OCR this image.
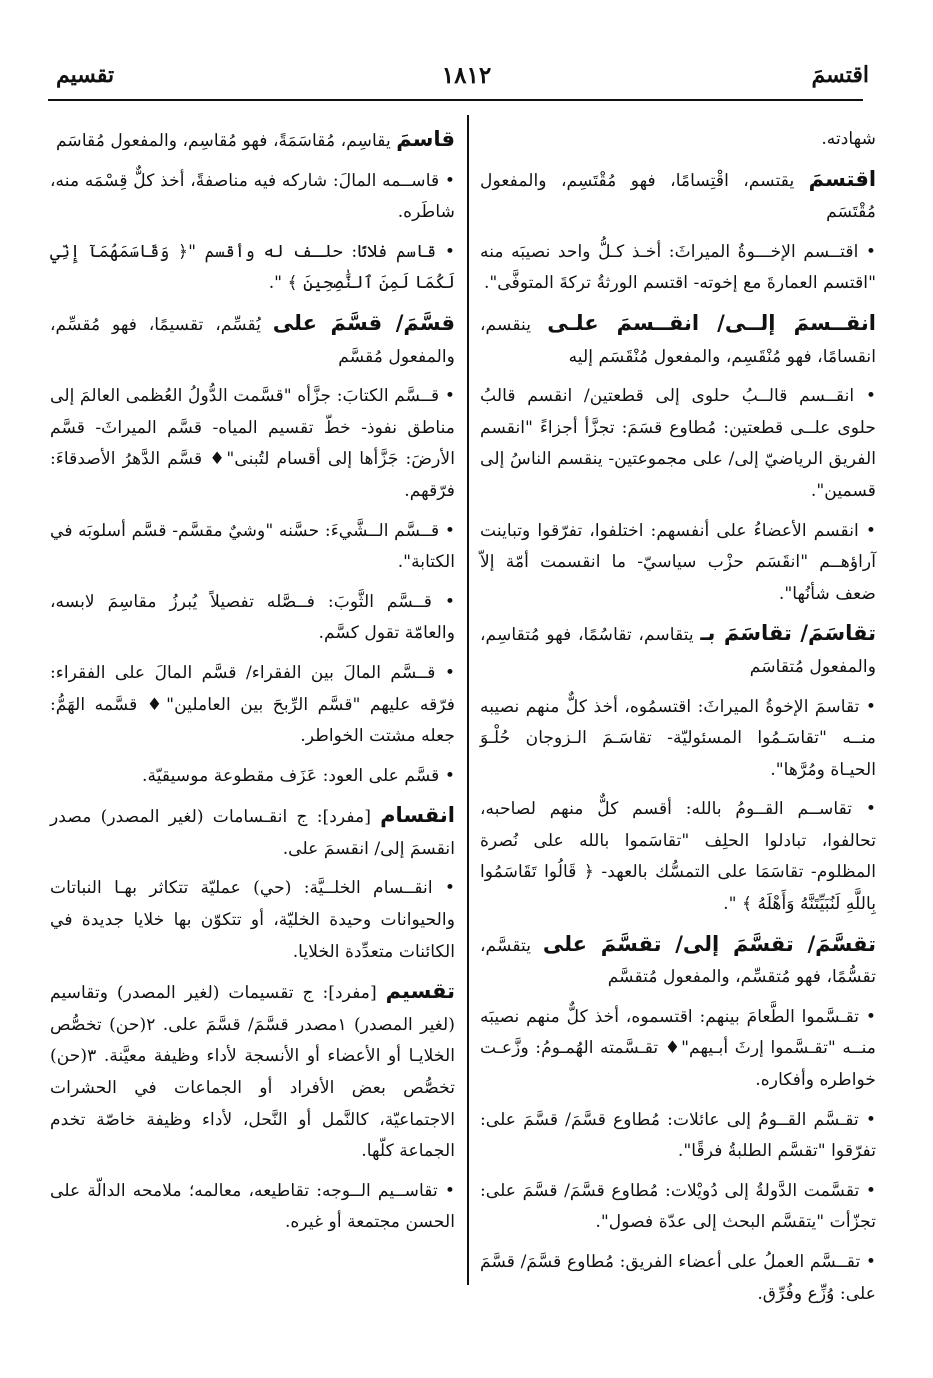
اقتسمَ
١٨١٢
تقسيم

شهادته.

اقتسمَ يقتسم، اقْتِسامًا، فهو مُقْتَسِم، والمفعول مُقْتَسَم

• اقتــسم الإخـــوةُ الميراثَ: أخـذ كـلُّ واحد نصيبَه منه "اقتسم العمارةَ مع إخوته- اقتسم الورثةُ تركةَ المتوفَّى".

انقــسمَ إلــى/ انقــسمَ علـى ينقسم، انقسامًا، فهو مُنْقَسِم، والمفعول مُنْقَسَم إليه

• انقــسم قالــبُ حلوى إلى قطعتين/ انقسم قالبُ حلوى علــى قطعتين: مُطاوع قسَمَ: تجزَّأ أجزاءً "انقسم الفريق الرياضيّ إلى/ على مجموعتين- ينقسم الناسُ إلى قسمين".

• انقسم الأعضاءُ على أنفسهم: اختلفوا، تفرّقوا وتباينت آراؤهــم "انقَسَم حزْب سياسيّ- ما انقسمت أمّة إلاّ ضعف شأنُها".

تقاسَمَ/ تقاسَمَ بـ يتقاسم، تقاسُمًا، فهو مُتقاسِم، والمفعول مُتقاسَم

• تقاسمَ الإخوةُ الميراثَ: اقتسمُوه، أخذ كلٌّ منهم نصيبه منــه "تقاسَـمُوا المسئوليّة- تقاسَـمَ الـزوجان حُلْـوَ الحيـاة ومُرَّها".

• تقاســم القــومُ بالله: أقسم كلٌّ منهم لصاحبه، تحالفوا، تبادلوا الحلِف "تقاسَموا بالله على نُصرة المظلوم- تقاسَمَا على التمسُّك بالعهد- ﴿ قَالُوا تَقَاسَمُوا بِاللَّهِ لَنُبَيِّتَنَّهُ وَأَهْلَهُ ﴾ ".

تقسَّمَ/ تقسَّمَ إلى/ تقسَّمَ على يتقسَّم، تقسُّمًا، فهو مُتقسِّم، والمفعول مُتقسَّم

• تقـسَّموا الطَّعامَ بينهم: اقتسموه، أخذ كلٌّ منهم نصيبَه منــه "تقـسَّموا إرثَ أبـيهم"♦ تقـسَّمته الهُمـومُ: وزَّعـت خواطره وأفكاره.

• تقـسَّم القــومُ إلى عائلات: مُطاوع قسَّمَ/ قسَّمَ على: تفرّقوا "تقسَّم الطلبةُ فرقًا".

• تقسَّمت الدَّولةُ إلى دُويْلات: مُطاوع قسَّمَ/ قسَّمَ على: تجزّأت "يتقسَّم البحث إلى عدّة فصول".

• تقــسَّم العملُ على أعضاء الفريق: مُطاوع قسَّمَ/ قسَّمَ على: وُزِّع وفُرِّق.

قاسمَ يقاسِم، مُقاسَمَةً، فهو مُقاسِم، والمفعول مُقاسَم

• قاســمه المالَ: شاركه فيه مناصفةً، أخذ كلٌّ قِسْمَه منه، شاطَره.

• قاسم فلانًا: حلـف له وأقسم "﴿ وَقَاسَمَهُمَآ إِنِّي لَكُمَا لَمِنَ ٱلنَّٰصِحِينَ ﴾ ".

قسَّمَ/ قسَّمَ على يُقسِّم، تقسيمًا، فهو مُقسِّم، والمفعول مُقسَّم

• قــسَّم الكتابَ: جزَّأه "قسَّمت الدُّولُ العُظمى العالمَ إلى مناطق نفوذ- خطّ تقسيم المياه- قسَّم الميراثَ- قسَّم الأرضَ: جَزَّأها إلى أقسام لتُبنى"♦ قسَّم الدَّهرُ الأصدقاءَ: فرّقهم.

• قــسَّم الــشَّيءَ: حسَّنه "وشيٌ مقسَّم- قسَّم أسلوبَه في الكتابة".

• قــسَّم الثَّوبَ: فــصَّله تفصيلاً يُبرزُ مقاسِمَ لابسه، والعامّة تقول كسَّم.

• قــسَّم المالَ بين الفقراء/ قسَّم المالَ على الفقراء: فرّقه عليهم "قسَّم الرِّبحَ بين العاملين"♦ قسَّمه الهَمُّ: جعله مشتت الخواطر.

• قسَّم على العود: عَزَف مقطوعة موسيقيّة.

انقسام [مفرد]: ج انقـسامات (لغير المصدر) مصدر انقسمَ إلى/ انقسمَ على.

• انقــسام الخلــيَّة: (حي) عمليّة تتكاثر بهـا النباتات والحيوانات وحيدة الخليّة، أو تتكوّن بها خلايا جديدة في الكائنات متعدِّدة الخلايا.

تقسيم [مفرد]: ج تقسيمات (لغير المصدر) وتقاسيم (لغير المصدر) ١مصدر قسَّمَ/ قسَّمَ على. ٢(حن) تخصُّص الخلايـا أو الأعضاء أو الأنسجة لأداء وظيفة معيَّنة. ٣(حن) تخصُّص بعض الأفراد أو الجماعات في الحشرات الاجتماعيّة، كالنَّمل أو النَّحل، لأداء وظيفة خاصّة تخدم الجماعة كلّها.

• تقاســيم الــوجه: تقاطيعه، معالمه؛ ملامحه الدالّة على الحسن مجتمعة أو غيره.
